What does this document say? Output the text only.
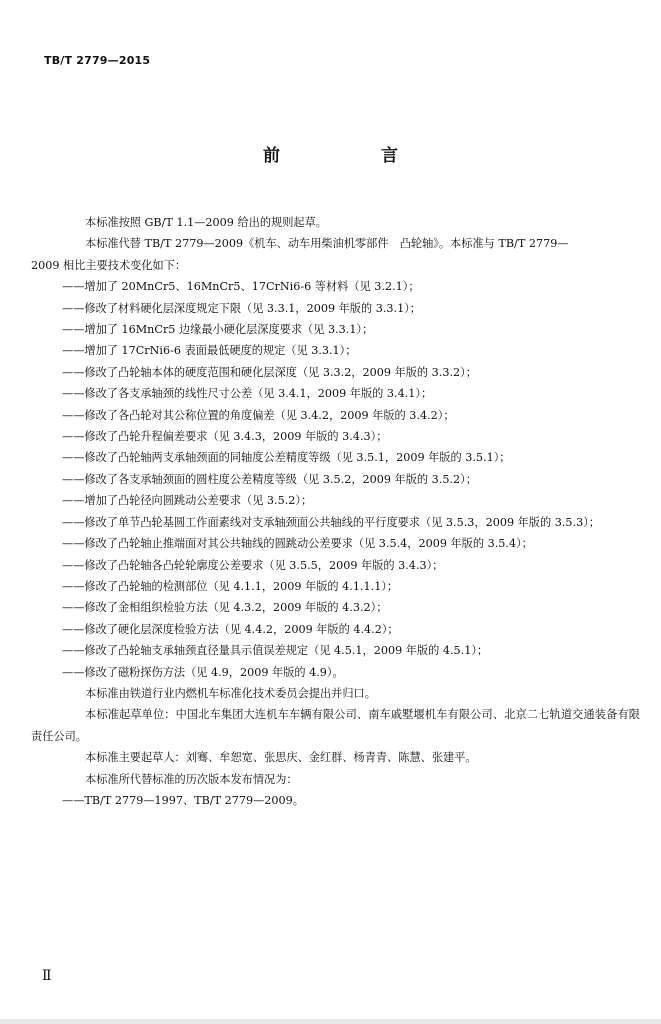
TB/T 2779—2015
前　言

本标准按照 GB/T 1.1—2009 给出的规则起草。

本标准代替 TB/T 2779—2009《机车、动车用柴油机零部件　凸轮轴》。本标准与 TB/T 2779—

2009 相比主要技术变化如下：

——增加了 20MnCr5、16MnCr5、17CrNi6-6 等材料（见 3.2.1）；

——修改了材料硬化层深度规定下限（见 3.3.1，2009 年版的 3.3.1）；

——增加了 16MnCr5 边缘最小硬化层深度要求（见 3.3.1）；

——增加了 17CrNi6-6 表面最低硬度的规定（见 3.3.1）；

——修改了凸轮轴本体的硬度范围和硬化层深度（见 3.3.2，2009 年版的 3.3.2）；

——修改了各支承轴颈的线性尺寸公差（见 3.4.1，2009 年版的 3.4.1）；

——修改了各凸轮对其公称位置的角度偏差（见 3.4.2，2009 年版的 3.4.2）；

——修改了凸轮升程偏差要求（见 3.4.3，2009 年版的 3.4.3）；

——修改了凸轮轴两支承轴颈面的同轴度公差精度等级（见 3.5.1，2009 年版的 3.5.1）；

——修改了各支承轴颈面的圆柱度公差精度等级（见 3.5.2，2009 年版的 3.5.2）；

——增加了凸轮径向圆跳动公差要求（见 3.5.2）；

——修改了单节凸轮基圆工作面素线对支承轴颈面公共轴线的平行度要求（见 3.5.3，2009 年版的 3.5.3）；

——修改了凸轮轴止推端面对其公共轴线的圆跳动公差要求（见 3.5.4，2009 年版的 3.5.4）；

——修改了凸轮轴各凸轮轮廓度公差要求（见 3.5.5，2009 年版的 3.4.3）；

——修改了凸轮轴的检测部位（见 4.1.1，2009 年版的 4.1.1.1）；

——修改了金相组织检验方法（见 4.3.2，2009 年版的 4.3.2）；

——修改了硬化层深度检验方法（见 4.4.2，2009 年版的 4.4.2）；

——修改了凸轮轴支承轴颈直径量具示值误差规定（见 4.5.1，2009 年版的 4.5.1）；

——修改了磁粉探伤方法（见 4.9，2009 年版的 4.9）。

本标准由铁道行业内燃机车标准化技术委员会提出并归口。

本标准起草单位：中国北车集团大连机车车辆有限公司、南车戚墅堰机车有限公司、北京二七轨道交通装备有限责任公司。

本标准主要起草人：刘骞、牟恕宽、张思庆、金红群、杨青青、陈慧、张建平。

本标准所代替标准的历次版本发布情况为：

——TB/T 2779—1997、TB/T 2779—2009。

Ⅱ
